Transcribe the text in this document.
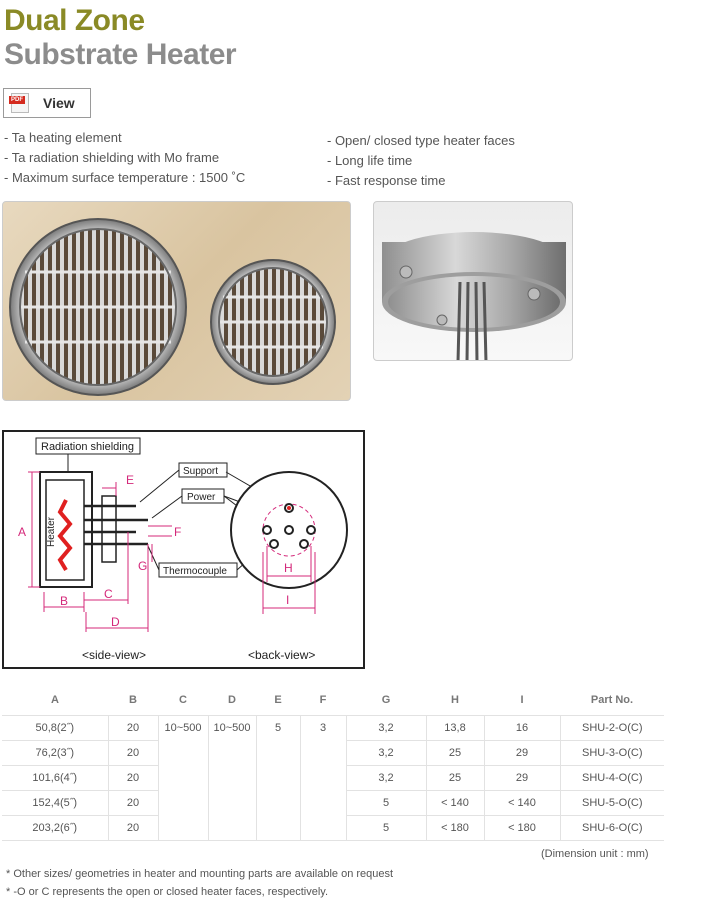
Dual Zone
Substrate Heater
PDF View
- Ta heating element
- Ta radiation shielding with Mo frame
- Maximum surface temperature : 1500 ˚C
- Open/ closed type heater faces
- Long life time
- Fast response time
Heater
Radiation shielding
Support
Power
Thermocouple
A
B	C
D
E
F
G	H
I
<side-view>	<back-view>
A	B	C	D	E	F	G	H	I	Part No.
50,8(2˝)	20	10~500	10~500	5	3	3,2	13,8	16	SHU-2-O(C)
76,2(3˝)	20					3,2	25	29	SHU-3-O(C)
101,6(4˝)	20					3,2	25	29	SHU-4-O(C)
152,4(5˝)	20					5	< 140	< 140	SHU-5-O(C)
203,2(6˝)	20					5	< 180	< 180	SHU-6-O(C)
(Dimension unit : mm)
* Other sizes/ geometries in heater and mounting parts are available on request
* -O or C represents the open or closed heater faces, respectively.
